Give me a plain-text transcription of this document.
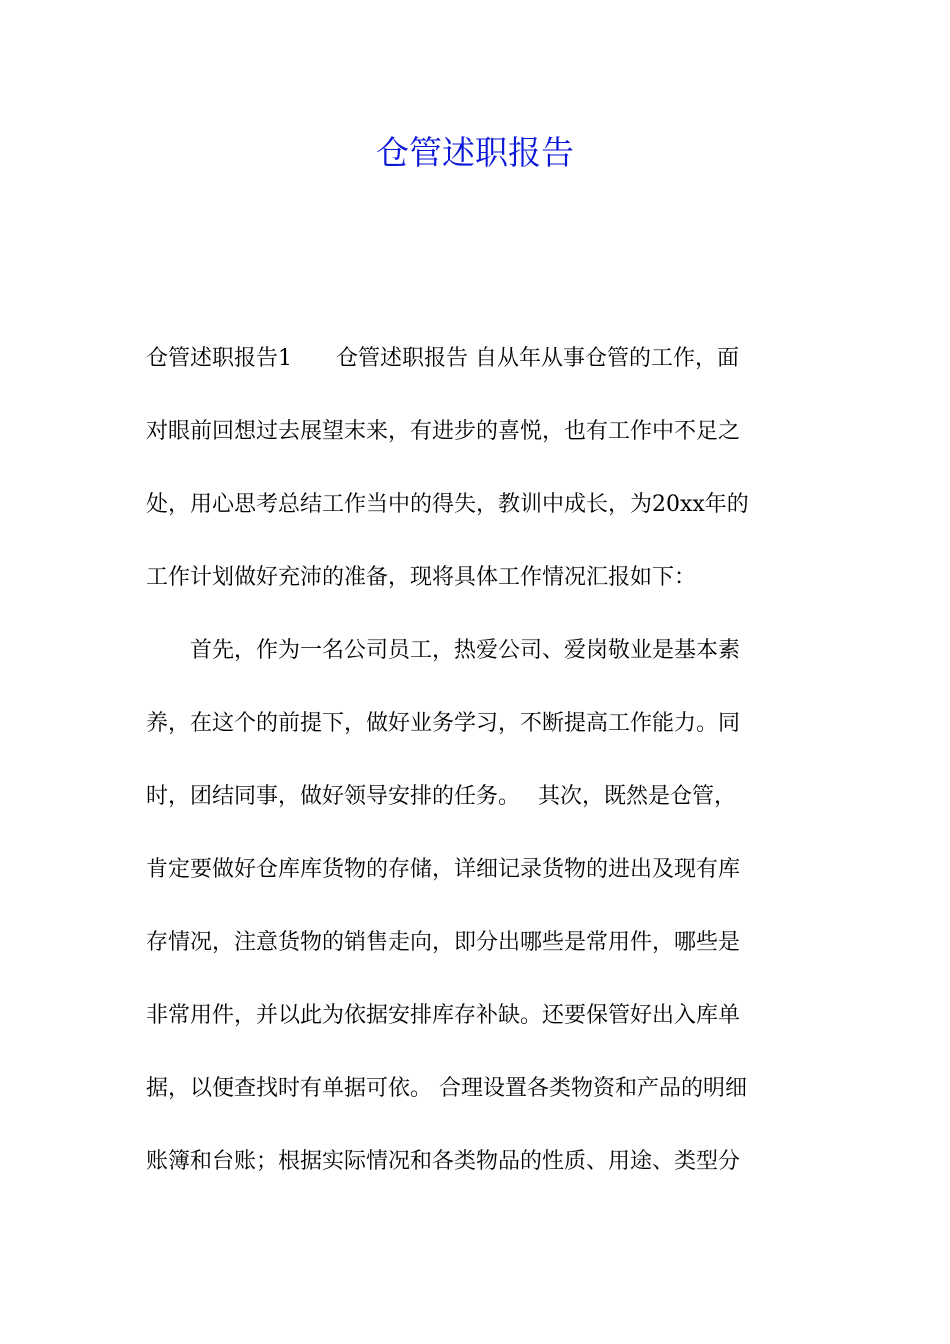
仓管述职报告
仓管述职报告1　　仓管述职报告 自从年从事仓管的工作，面
对眼前回想过去展望末来，有进步的喜悦，也有工作中不足之
处，用心思考总结工作当中的得失，教训中成长，为20xx年的
工作计划做好充沛的准备，现将具体工作情况汇报如下：
　　首先，作为一名公司员工，热爱公司、爱岗敬业是基本素
养，在这个的前提下，做好业务学习，不断提高工作能力。同
时，团结同事，做好领导安排的任务。　 其次，既然是仓管，
肯定要做好仓库库货物的存储，详细记录货物的进出及现有库
存情况，注意货物的销售走向，即分出哪些是常用件，哪些是
非常用件，并以此为依据安排库存补缺。还要保管好出入库单
据，以便查找时有单据可依。 合理设置各类物资和产品的明细
账簿和台账；根据实际情况和各类物品的性质、用途、类型分
